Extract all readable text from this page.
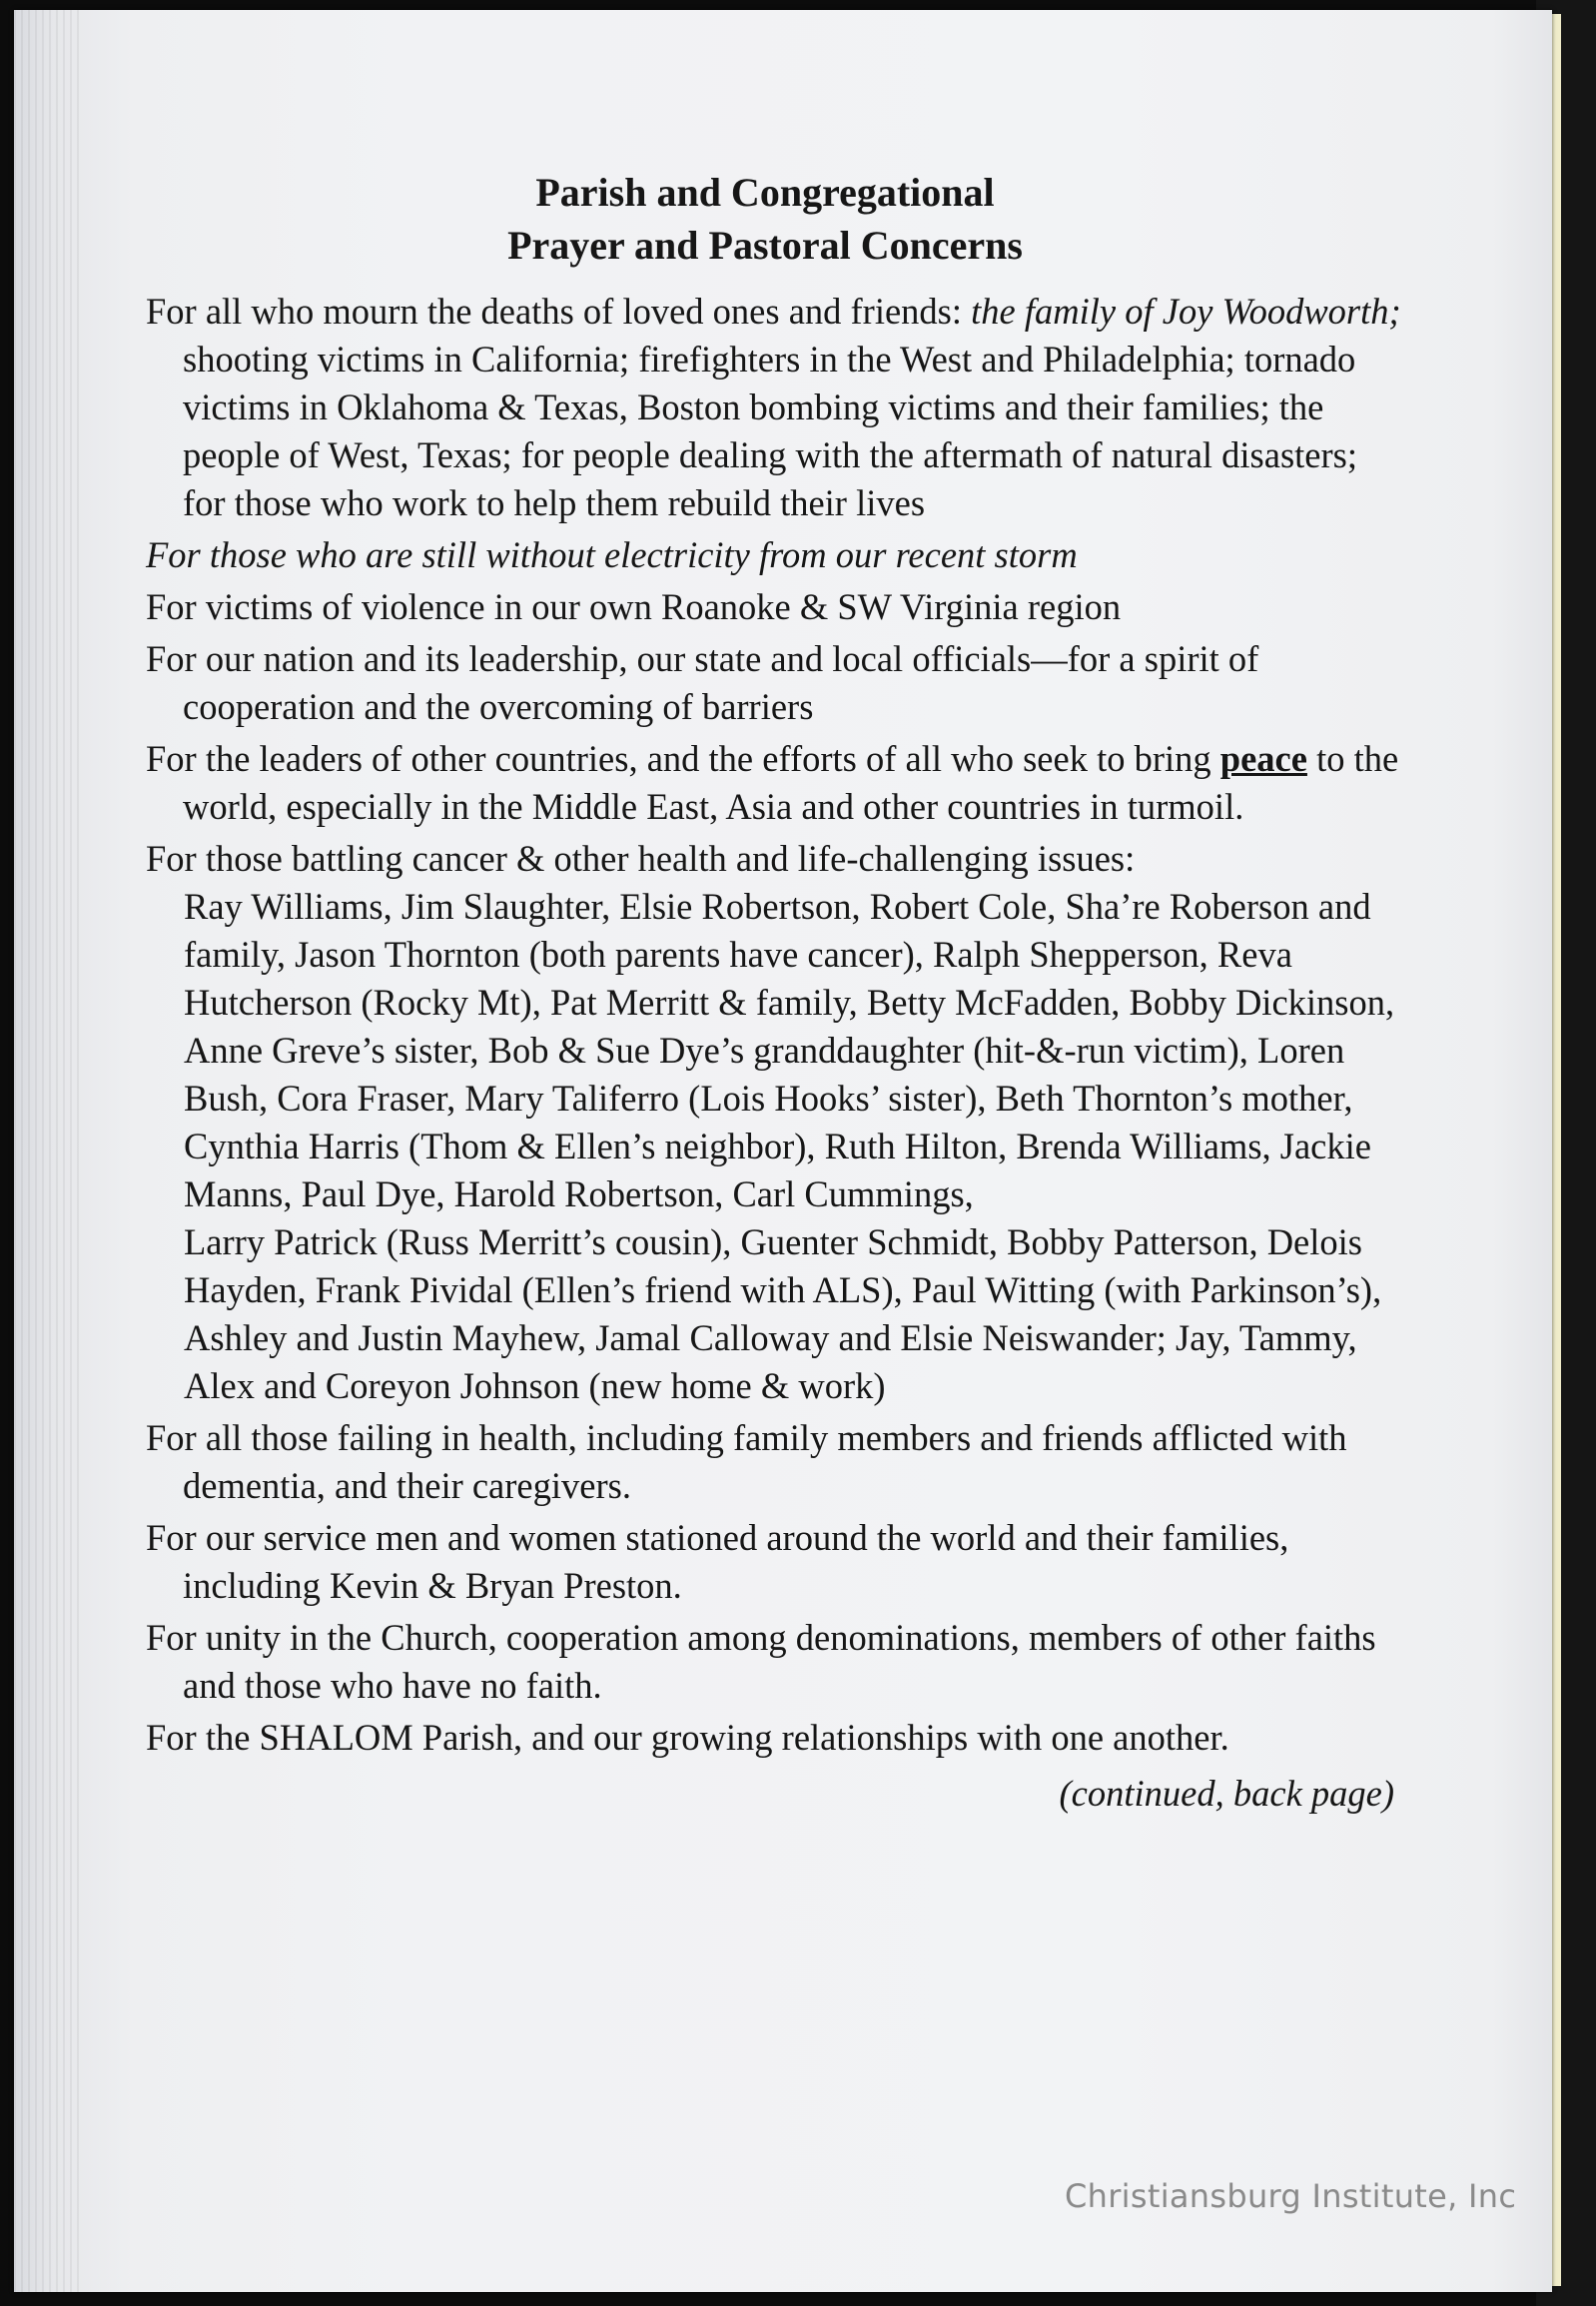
Parish and Congregational
Prayer and Pastoral Concerns

For all who mourn the deaths of loved ones and friends: the family of Joy Woodworth; shooting victims in California; firefighters in the West and Philadelphia; tornado victims in Oklahoma & Texas, Boston bombing victims and their families; the people of West, Texas; for people dealing with the aftermath of natural disasters; for those who work to help them rebuild their lives

For those who are still without electricity from our recent storm

For victims of violence in our own Roanoke & SW Virginia region

For our nation and its leadership, our state and local officials—for a spirit of cooperation and the overcoming of barriers

For the leaders of other countries, and the efforts of all who seek to bring peace to the world, especially in the Middle East, Asia and other countries in turmoil.

For those battling cancer & other health and life-challenging issues:

Ray Williams, Jim Slaughter, Elsie Robertson, Robert Cole, Sha’re Roberson and family, Jason Thornton (both parents have cancer), Ralph Shepperson, Reva Hutcherson (Rocky Mt), Pat Merritt & family, Betty McFadden, Bobby Dickinson, Anne Greve’s sister, Bob & Sue Dye’s granddaughter (hit-&-run victim), Loren Bush, Cora Fraser, Mary Taliferro (Lois Hooks’ sister), Beth Thornton’s mother, Cynthia Harris (Thom & Ellen’s neighbor), Ruth Hilton, Brenda Williams, Jackie Manns, Paul Dye, Harold Robertson, Carl Cummings,

Larry Patrick (Russ Merritt’s cousin), Guenter Schmidt, Bobby Patterson, Delois Hayden, Frank Pividal (Ellen’s friend with ALS), Paul Witting (with Parkinson’s), Ashley and Justin Mayhew, Jamal Calloway and Elsie Neiswander; Jay, Tammy, Alex and Coreyon Johnson (new home & work)

For all those failing in health, including family members and friends afflicted with dementia, and their caregivers.

For our service men and women stationed around the world and their families, including Kevin & Bryan Preston.

For unity in the Church, cooperation among denominations, members of other faiths and those who have no faith.

For the SHALOM Parish, and our growing relationships with one another.

(continued, back page)

Christiansburg Institute, Inc
